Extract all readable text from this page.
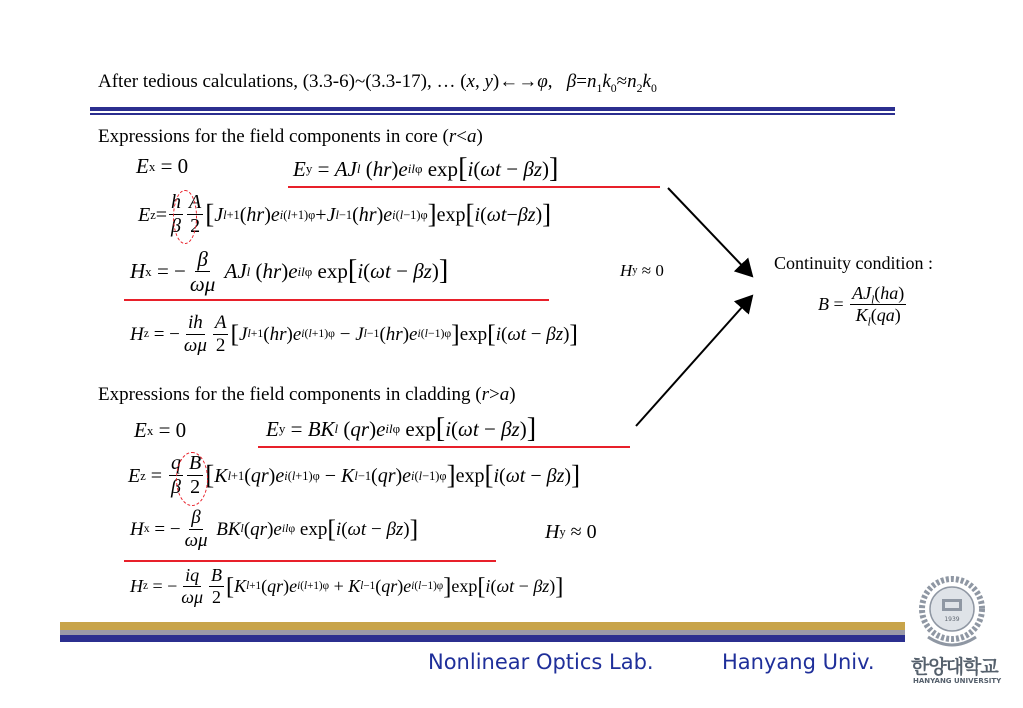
After tedious calculations, (3.3-6)~(3.3-17), … (x, y)←→φ,   $\beta=n_1k_0\approx n_2k_0$
Expressions for the field components in core (r<a)
E x = 0	E y = AJ l ( hr ) e ilφ exp [ i ( ωt − βz ) ]
E $z = \frac{h}{\beta} \frac{A}{2}$ [ J l+1 ( hr ) e i(l+1)φ + J l−1 ( hr ) e i(l−1)φ ] exp [ i ( ωt − βz ) ]
H x = − $\frac{\beta}{\omega\mu}$
AJ l ( hr ) e ilφ exp [ i ( ωt − βz ) ]	H y ≈ 0
H z = − $\frac{ih}{\omega\mu} \frac{A}{2}$ [ J l+1 ( hr ) e i(l+1)φ − J l−1 ( hr ) e i(l−1)φ ] exp [ i ( ωt − βz ) ]
Continuity condition :
$B = \frac{AJ_l(ha)}{K_l(qa)}$
Expressions for the field components in cladding (r>a)
E x = 0	E y = BK l ( qr ) e ilφ exp [ i ( ωt − βz ) ]
E $z = \frac{q}{\beta} \frac{B}{2}$ [ K l+1 ( qr ) e i(l+1)φ − K l−1 ( qr ) e i(l−1)φ ] exp [ i ( ωt − βz ) ]
H x = − $\frac{\beta}{\omega\mu}$
BK l ( qr ) e ilφ exp [ i ( ωt − βz ) ]	H y ≈ 0
H z = − $\frac{iq}{\omega\mu} \frac{B}{2}$ [ K l+1 ( qr ) e i(l+1)φ + K l−1 ( qr ) e i(l−1)φ ] exp [ i ( ωt − βz ) ]
Nonlinear Optics Lab.	Hanyang Univ.
1939
한양대학교
HANYANG UNIVERSITY
